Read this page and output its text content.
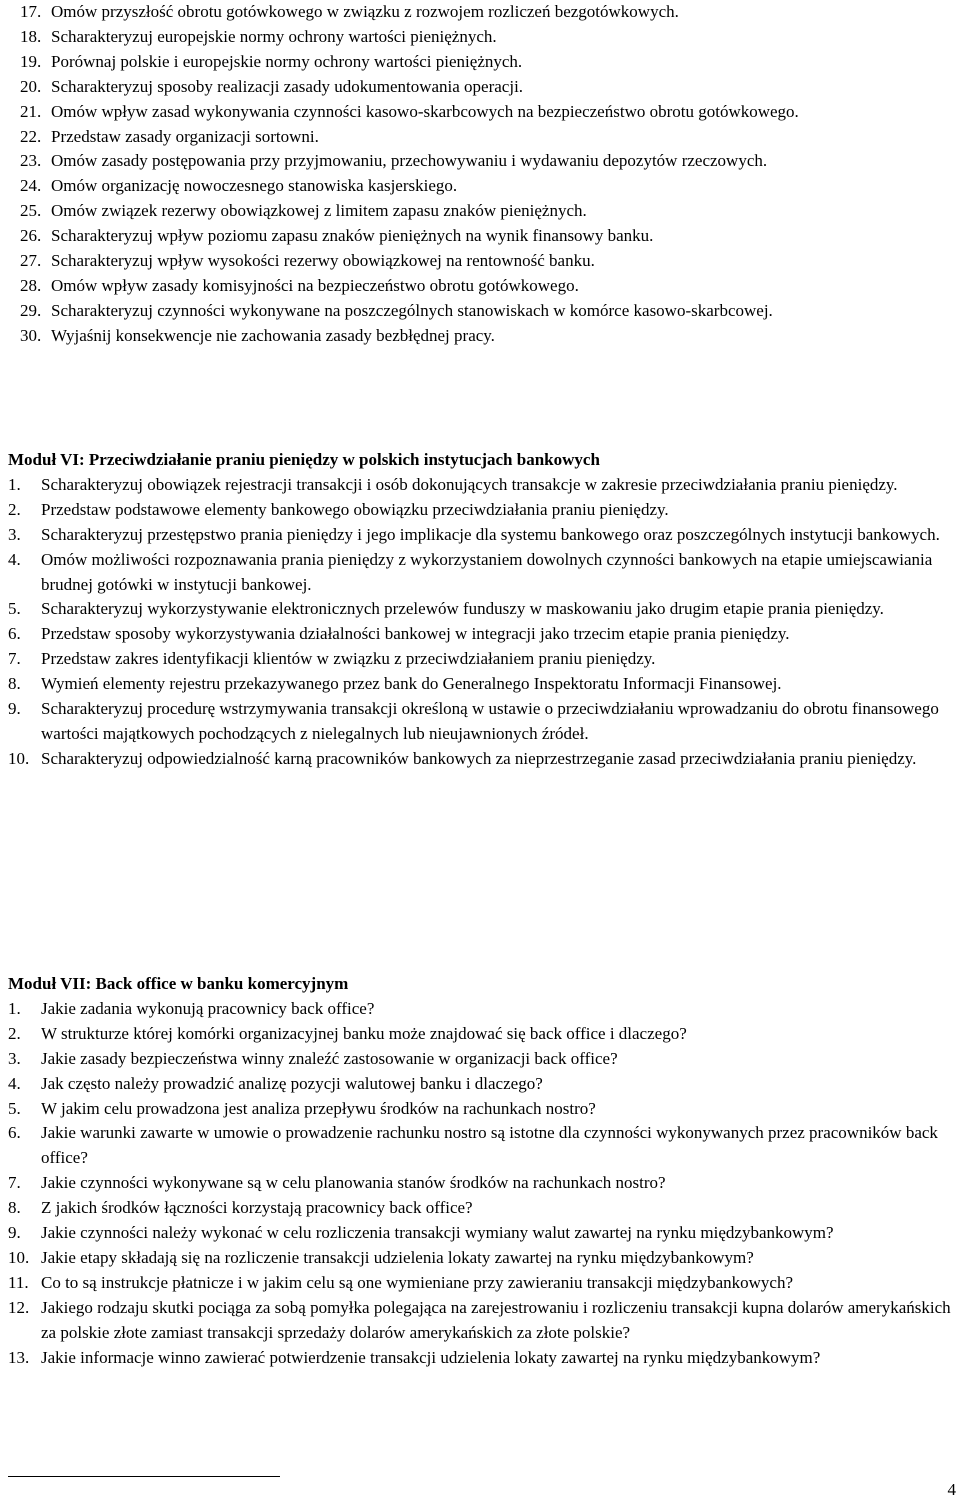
17. Omów przyszłość obrotu gotówkowego w związku z rozwojem rozliczeń bezgotówkowych.
18. Scharakteryzuj europejskie normy ochrony wartości pieniężnych.
19. Porównaj polskie i europejskie normy ochrony wartości pieniężnych.
20. Scharakteryzuj sposoby realizacji zasady udokumentowania operacji.
21. Omów wpływ zasad wykonywania czynności kasowo-skarbcowych na bezpieczeństwo obrotu gotówkowego.
22. Przedstaw zasady organizacji sortowni.
23. Omów zasady postępowania przy przyjmowaniu, przechowywaniu i wydawaniu depozytów rzeczowych.
24. Omów organizację nowoczesnego stanowiska kasjerskiego.
25. Omów związek rezerwy obowiązkowej z limitem zapasu znaków pieniężnych.
26. Scharakteryzuj wpływ poziomu zapasu znaków pieniężnych na wynik finansowy banku.
27. Scharakteryzuj wpływ wysokości rezerwy obowiązkowej na rentowność banku.
28. Omów wpływ zasady komisyjności na bezpieczeństwo obrotu gotówkowego.
29. Scharakteryzuj czynności wykonywane na poszczególnych stanowiskach w komórce kasowo-skarbcowej.
30. Wyjaśnij konsekwencje nie zachowania zasady bezbłędnej pracy.
Moduł VI: Przeciwdziałanie praniu pieniędzy w polskich instytucjach bankowych
1.	Scharakteryzuj obowiązek rejestracji transakcji i osób dokonujących transakcje w zakresie przeciwdziałania praniu pieniędzy.
2.	Przedstaw podstawowe elementy bankowego obowiązku przeciwdziałania praniu pieniędzy.
3.	Scharakteryzuj przestępstwo prania pieniędzy i jego implikacje dla systemu bankowego oraz poszczególnych instytucji bankowych.
4.	Omów możliwości rozpoznawania prania pieniędzy z wykorzystaniem dowolnych czynności bankowych na etapie umiejscawiania brudnej gotówki w instytucji bankowej.
5.	Scharakteryzuj wykorzystywanie elektronicznych przelewów funduszy w maskowaniu jako drugim etapie prania pieniędzy.
6.	Przedstaw sposoby wykorzystywania działalności bankowej w integracji jako trzecim etapie prania pieniędzy.
7.	Przedstaw zakres identyfikacji klientów w związku z przeciwdziałaniem praniu pieniędzy.
8.	Wymień elementy rejestru przekazywanego przez bank do Generalnego Inspektoratu Informacji Finansowej.
9.	Scharakteryzuj procedurę wstrzymywania transakcji określoną w ustawie o przeciwdziałaniu wprowadzaniu do obrotu finansowego wartości majątkowych pochodzących z nielegalnych lub nieujawnionych źródeł.
10. Scharakteryzuj odpowiedzialność karną pracowników bankowych za nieprzestrzeganie zasad przeciwdziałania praniu pieniędzy.
Moduł VII: Back office w banku komercyjnym
1.	Jakie zadania wykonują pracownicy back office?
2.	W strukturze której komórki organizacyjnej banku może znajdować się back office i dlaczego?
3.	Jakie zasady bezpieczeństwa winny znaleźć zastosowanie w organizacji back office?
4.	Jak często należy prowadzić analizę pozycji walutowej banku i dlaczego?
5.	W jakim celu prowadzona jest analiza przepływu środków na rachunkach nostro?
6.	Jakie warunki zawarte w umowie o prowadzenie rachunku nostro są istotne dla czynności wykonywanych przez pracowników back office?
7.	Jakie czynności wykonywane są w celu planowania stanów środków na rachunkach nostro?
8.	Z jakich środków łączności korzystają pracownicy back office?
9.	Jakie czynności należy wykonać w celu rozliczenia transakcji wymiany walut zawartej na rynku międzybankowym?
10. Jakie etapy składają się na rozliczenie transakcji udzielenia lokaty zawartej na rynku międzybankowym?
11. Co to są instrukcje płatnicze i w jakim celu są one wymieniane przy zawieraniu transakcji międzybankowych?
12. Jakiego rodzaju skutki pociąga za sobą pomyłka polegająca na zarejestrowaniu i rozliczeniu transakcji kupna dolarów amerykańskich za polskie złote zamiast transakcji sprzedaży dolarów amerykańskich za złote polskie?
13. Jakie informacje winno zawierać potwierdzenie transakcji udzielenia lokaty zawartej na rynku międzybankowym?
4
